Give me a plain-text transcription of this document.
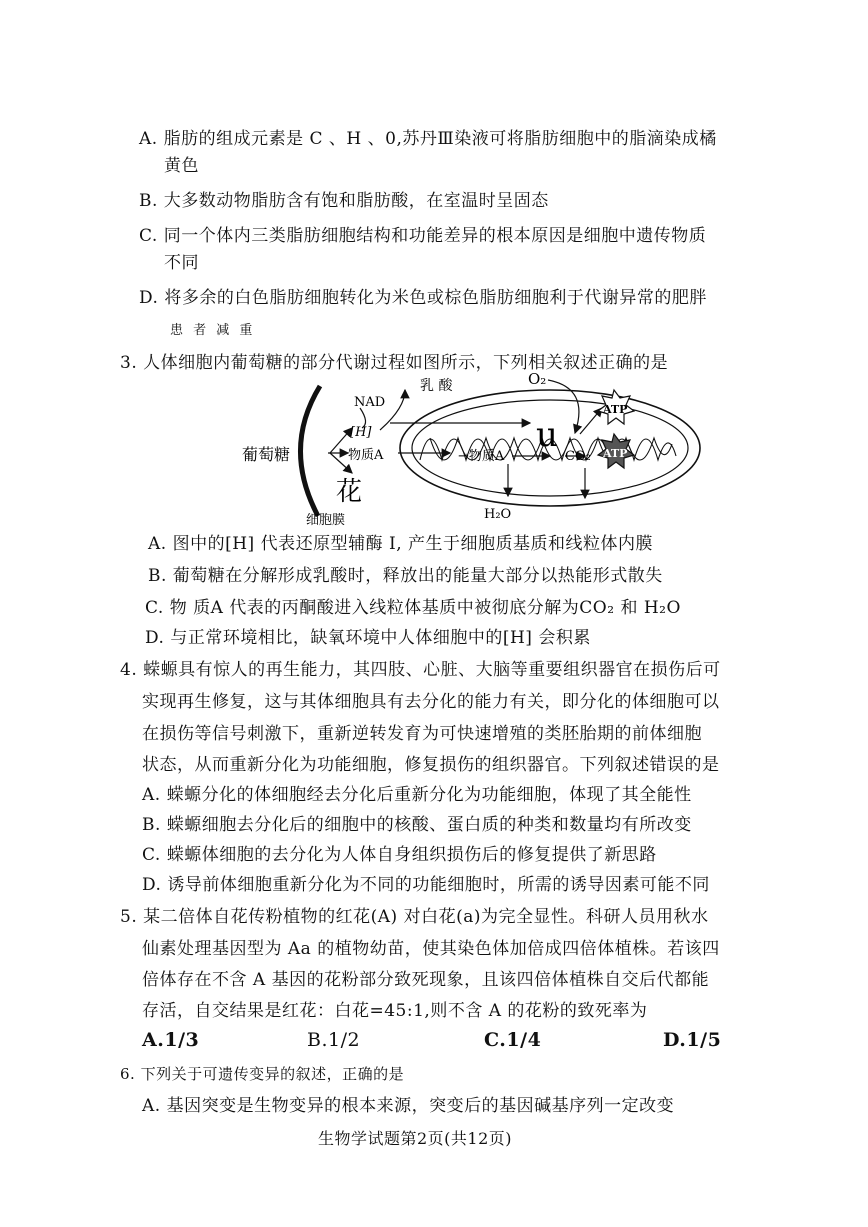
A. 脂肪的组成元素是 C 、H 、0,苏丹Ⅲ染液可将脂肪细胞中的脂滴染成橘
黄色
B. 大多数动物脂肪含有饱和脂肪酸，在室温时呈固态
C. 同一个体内三类脂肪细胞结构和功能差异的根本原因是细胞中遗传物质
不同
D. 将多余的白色脂肪细胞转化为米色或棕色脂肪细胞利于代谢异常的肥胖
患 者 减 重
3. 人体细胞内葡萄糖的部分代谢过程如图所示，下列相关叙述正确的是
葡萄糖
NAD
乳 酸
[H]
物质A	→物质A
O₂
ATP
ATP
CO₂
H₂O
u
花
细胞膜
A. 图中的[H] 代表还原型辅酶 I, 产生于细胞质基质和线粒体内膜
B. 葡萄糖在分解形成乳酸时，释放出的能量大部分以热能形式散失
C. 物 质A 代表的丙酮酸进入线粒体基质中被彻底分解为CO₂ 和 H₂O
D. 与正常环境相比，缺氧环境中人体细胞中的[H] 会积累
4. 蝾螈具有惊人的再生能力，其四肢、心脏、大脑等重要组织器官在损伤后可
实现再生修复，这与其体细胞具有去分化的能力有关，即分化的体细胞可以
在损伤等信号刺激下，重新逆转发育为可快速增殖的类胚胎期的前体细胞
状态，从而重新分化为功能细胞，修复损伤的组织器官。下列叙述错误的是
A. 蝾螈分化的体细胞经去分化后重新分化为功能细胞，体现了其全能性
B. 蝾螈细胞去分化后的细胞中的核酸、蛋白质的种类和数量均有所改变
C. 蝾螈体细胞的去分化为人体自身组织损伤后的修复提供了新思路
D. 诱导前体细胞重新分化为不同的功能细胞时，所需的诱导因素可能不同
5. 某二倍体自花传粉植物的红花(A) 对白花(a)为完全显性。科研人员用秋水
仙素处理基因型为 Aa 的植物幼苗，使其染色体加倍成四倍体植株。若该四
倍体存在不含 A 基因的花粉部分致死现象，且该四倍体植株自交后代都能
存活，自交结果是红花：白花=45:1,则不含 A 的花粉的致死率为
A.1/3	B.1/2	C.1/4	D.1/5
6. 下列关于可遗传变异的叙述，正确的是
A. 基因突变是生物变异的根本来源，突变后的基因碱基序列一定改变
生物学试题第2页(共12页)
